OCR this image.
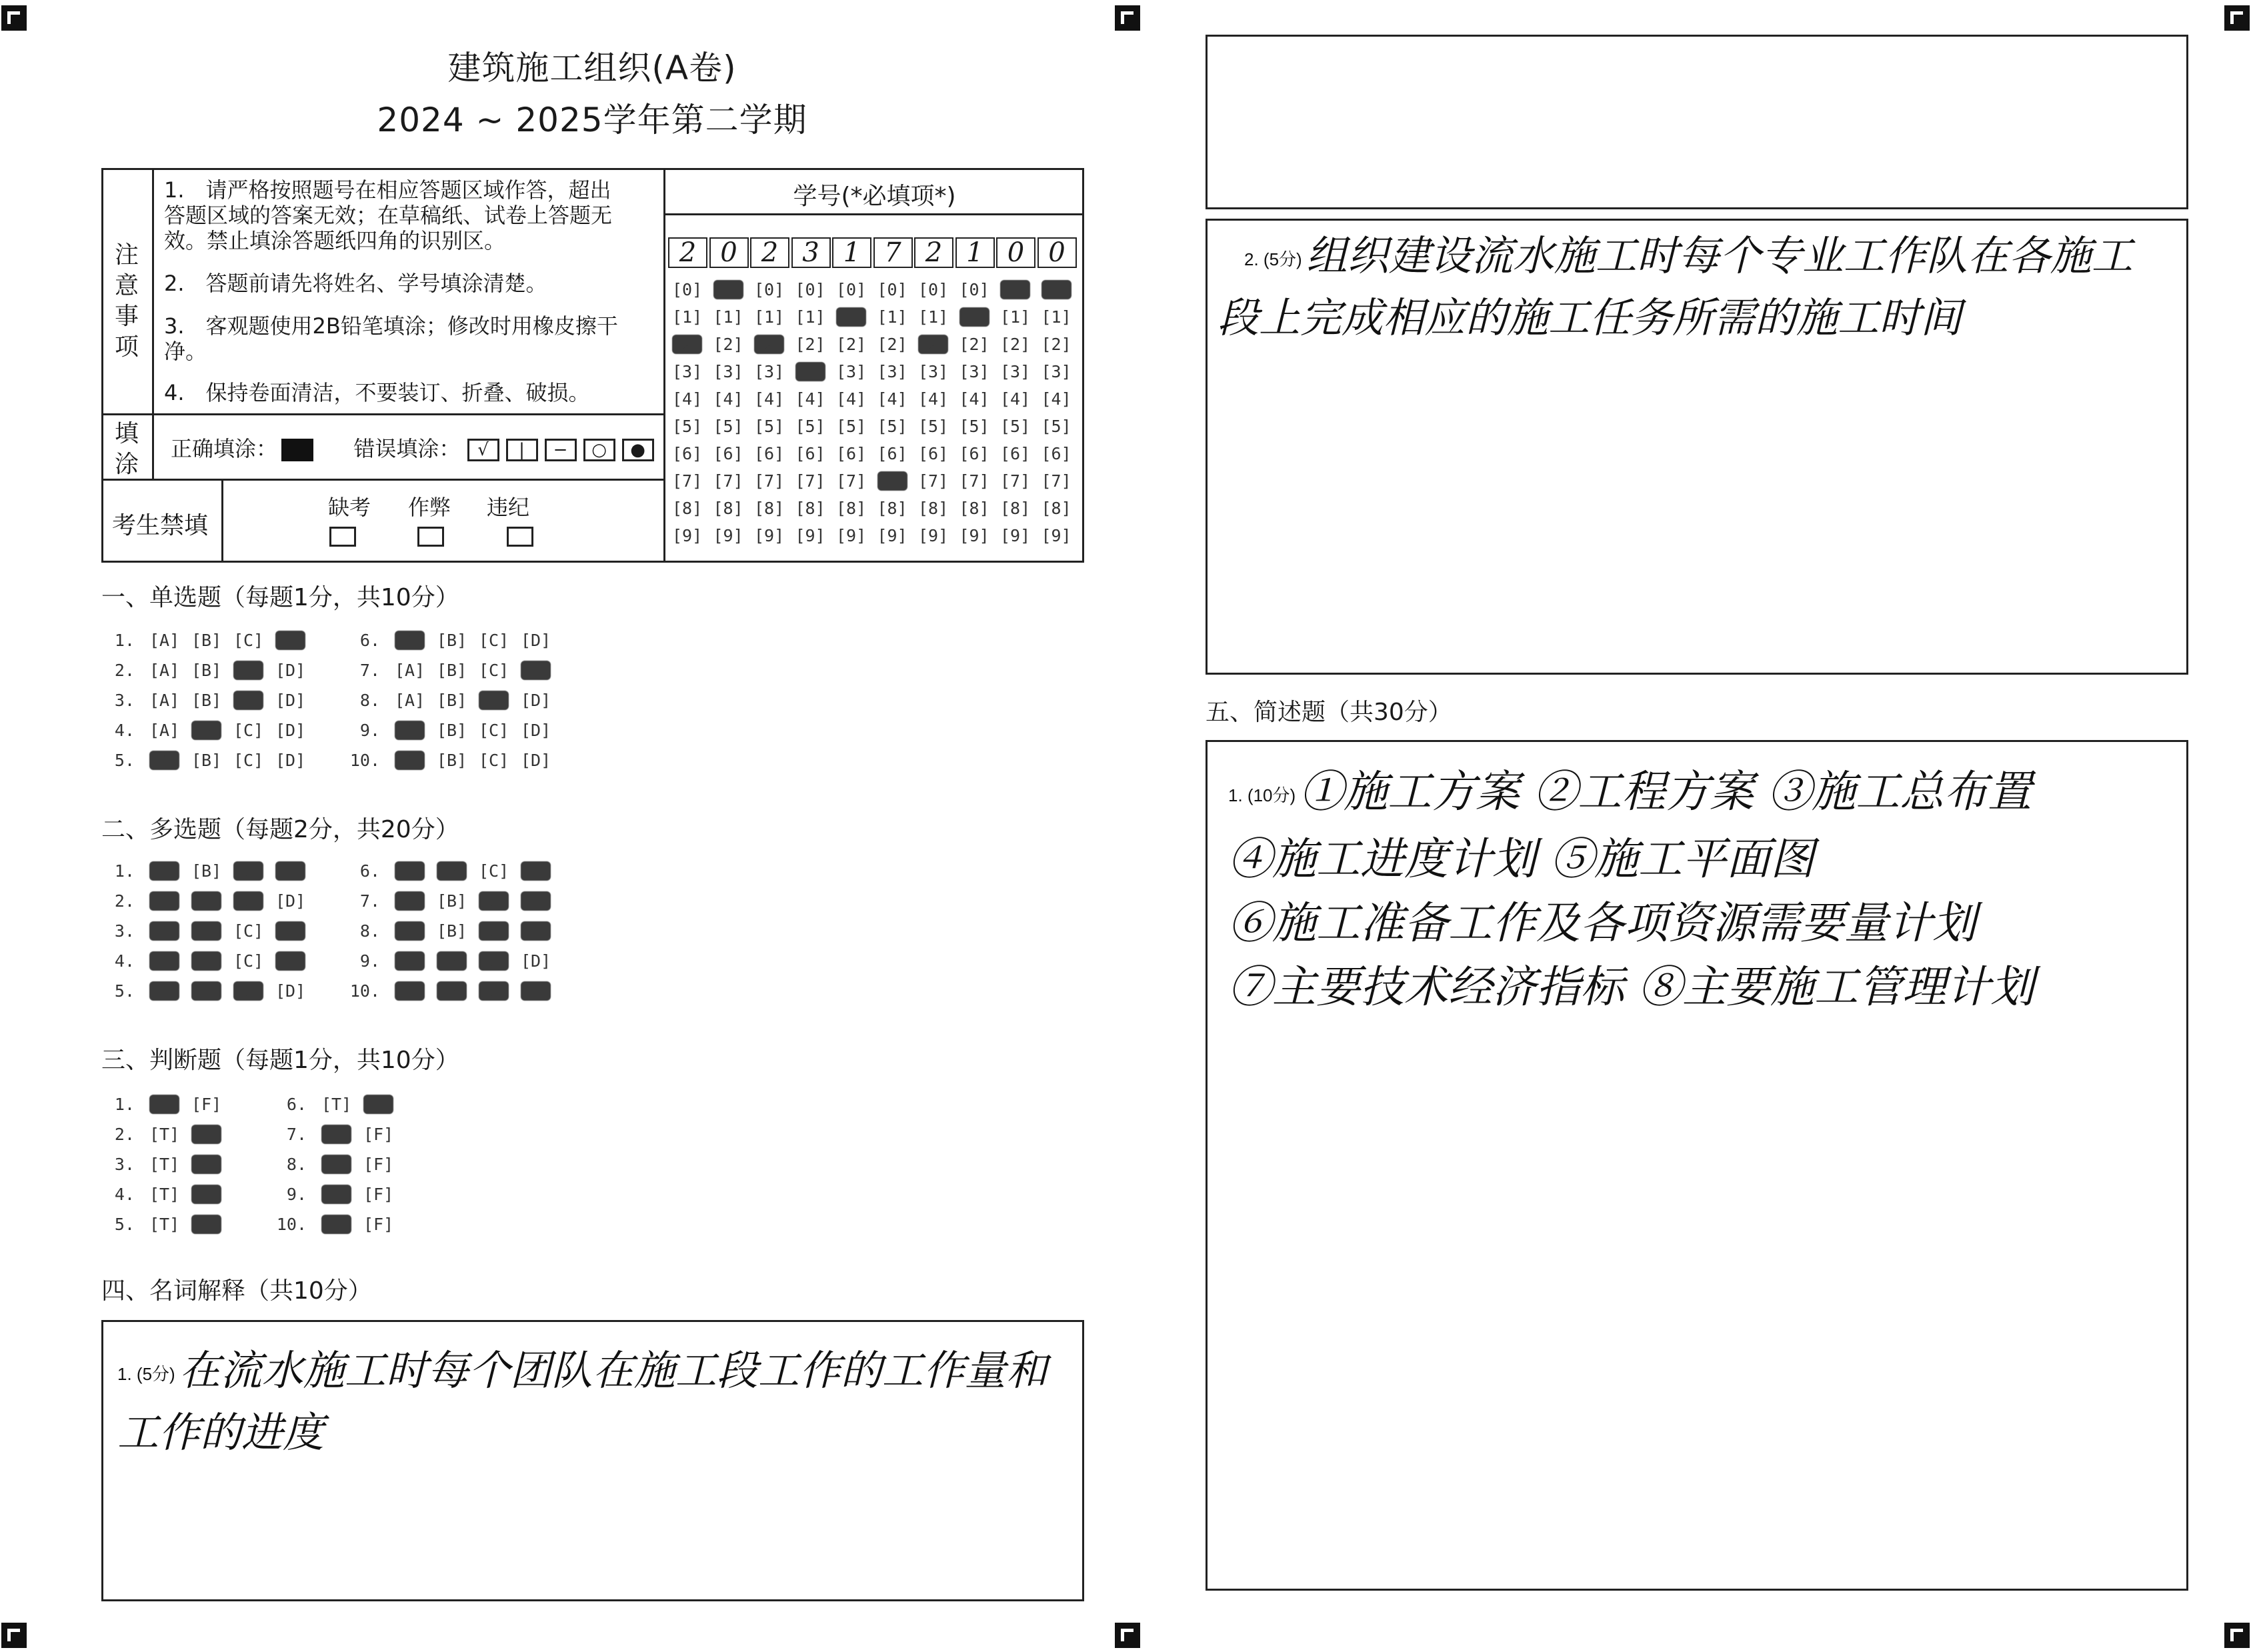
建筑施工组织(A卷)
2024 ~ 2025学年第二学期
注意事项
1.　请严格按照题号在相应答题区域作答，超出答题区域的答案无效；在草稿纸、试卷上答题无效。禁止填涂答题纸四角的识别区。
2.　答题前请先将姓名、学号填涂清楚。
3.　客观题使用2B铅笔填涂；修改时用橡皮擦干净。
4.　保持卷面清洁，不要装订、折叠、破损。
填涂
正确填涂：	错误填涂： √ | − ○ ●
考生禁填
缺考 作弊 违纪
学号(*必填项*)
2 0 2 3 1 7 2 1 0 0
[0]
[1]
[2]
[3]
[4]
[5]
[6]
[7]
[8]
[9]
[0]
[1]
[2]
[3]
[4]
[5]
[6]
[7]
[8]
[9]
[0]
[1]
[2]
[3]
[4]
[5]
[6]
[7]
[8]
[9]
[0]
[1]
[2]
[3]
[4]
[5]
[6]
[7]
[8]
[9]
[0]
[1]
[2]
[3]
[4]
[5]
[6]
[7]
[8]
[9]
[0]
[1]
[2]
[3]
[4]
[5]
[6]
[7]
[8]
[9]
[0]
[1]
[2]
[3]
[4]
[5]
[6]
[7]
[8]
[9]
[0]
[1]
[2]
[3]
[4]
[5]
[6]
[7]
[8]
[9]
[0]
[1]
[2]
[3]
[4]
[5]
[6]
[7]
[8]
[9]
[0]
[1]
[2]
[3]
[4]
[5]
[6]
[7]
[8]
[9]
一、单选题（每题1分，共10分）
1. [A] [B] [C] [D]
2. [A] [B] [C] [D]
3. [A] [B] [C] [D]
4. [A] [B] [C] [D]
5. [A] [B] [C] [D]
6. [A] [B] [C] [D]
7. [A] [B] [C] [D]
8. [A] [B] [C] [D]
9. [A] [B] [C] [D]
10. [A] [B] [C] [D]
二、多选题（每题2分，共20分）
1. [A] [B] [C] [D]
2. [A] [B] [C] [D]
3. [A] [B] [C] [D]
4. [A] [B] [C] [D]
5. [A] [B] [C] [D]
6. [A] [B] [C] [D]
7. [A] [B] [C] [D]
8. [A] [B] [C] [D]
9. [A] [B] [C] [D]
10. [A] [B] [C] [D]
三、判断题（每题1分，共10分）
1. [T] [F]
2. [T] [F]
3. [T] [F]
4. [T] [F]
5. [T] [F]
6. [T] [F]
7. [T] [F]
8. [T] [F]
9. [T] [F]
10. [T] [F]
四、名词解释（共10分）
1. (5分)在流水施工时每个团队在施工段工作的工作量和工作的进度
2. (5分)组织建设流水施工时每个专业工作队在各施工段上完成相应的施工任务所需的施工时间
五、简述题（共30分）
1. (10分)①施工方案 ②工程方案 ③施工总布置
④施工进度计划 ⑤施工平面图
⑥施工准备工作及各项资源需要量计划
⑦主要技术经济指标 ⑧主要施工管理计划
